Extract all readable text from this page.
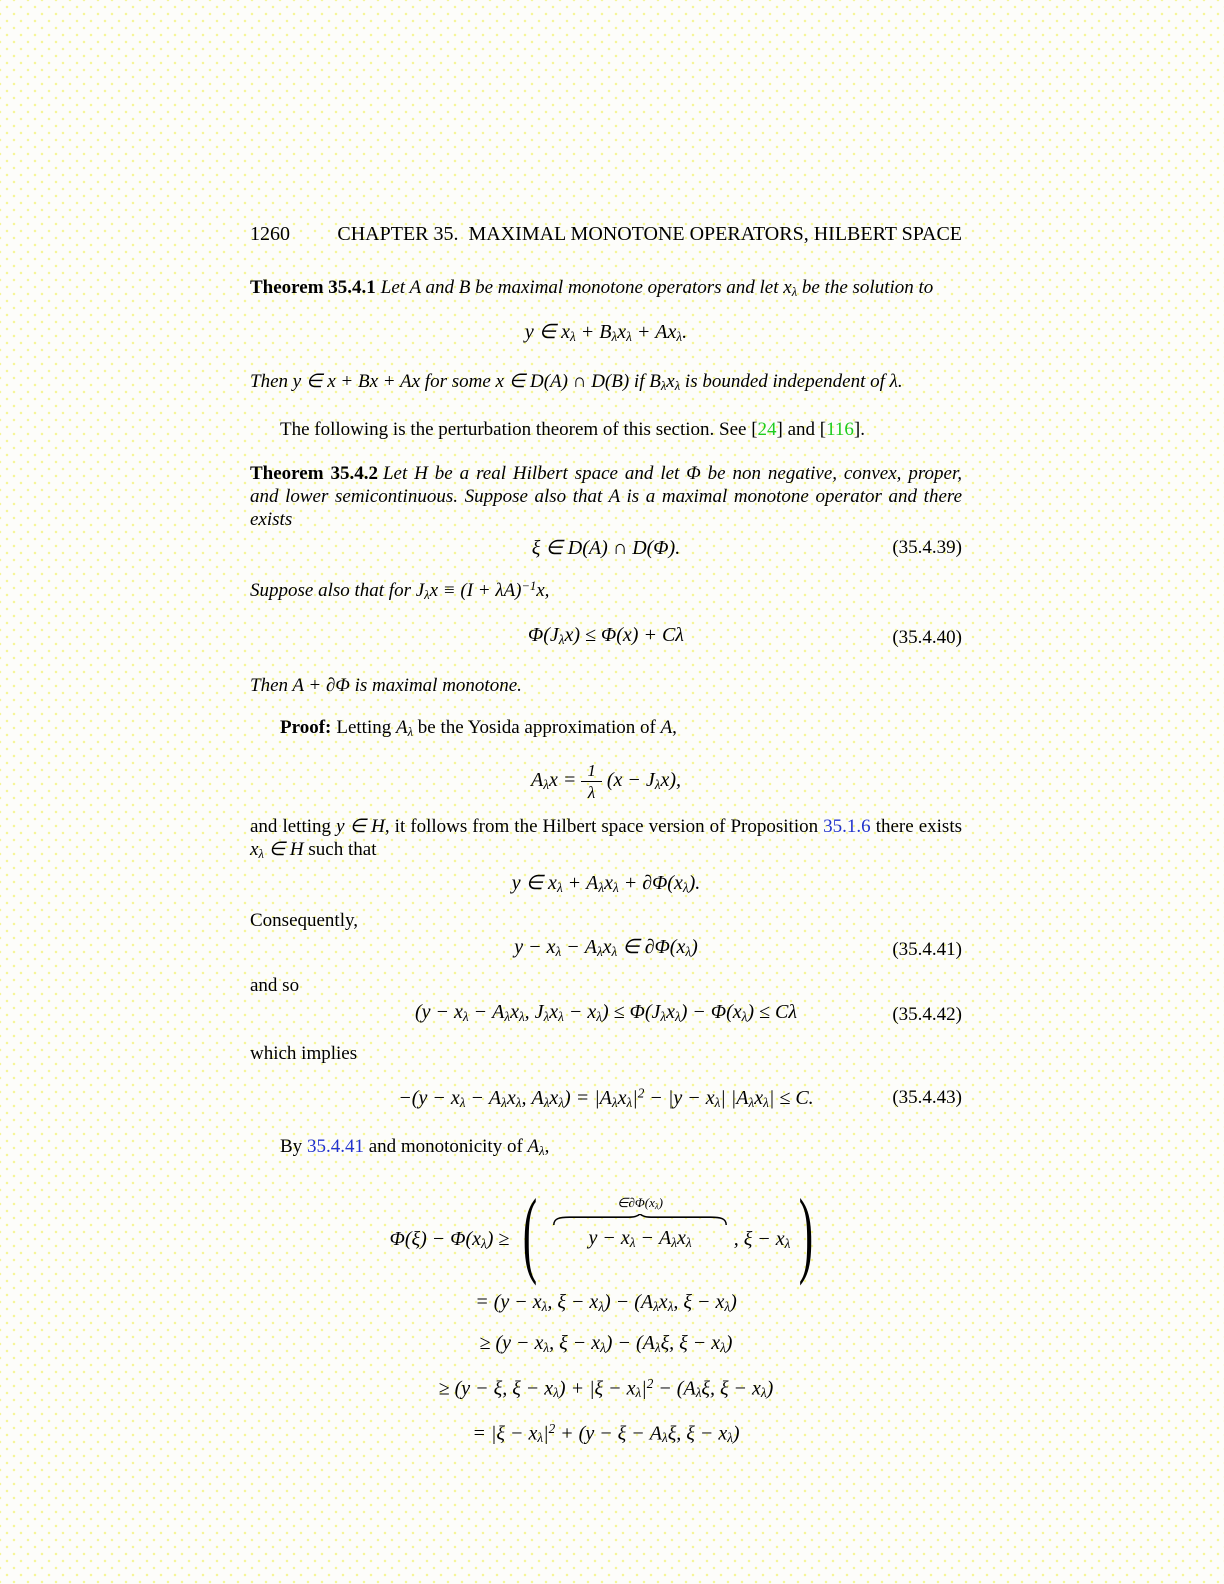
1260 CHAPTER 35.  MAXIMAL MONOTONE OPERATORS, HILBERT SPACE
Theorem 35.4.1 Let A and B be maximal monotone operators and let $x_\lambda$ be the solution to
y ∈ $x_\lambda + B_\lambda x_\lambda + Ax_\lambda$.
Then y ∈ x + Bx + Ax for some x ∈ D(A) ∩ D(B) if $B_\lambda x_\lambda$ is bounded independent of λ.
The following is the perturbation theorem of this section. See [24] and [116].
Theorem 35.4.2 Let H be a real Hilbert space and let Φ be non negative, convex, proper, and lower semicontinuous. Suppose also that A is a maximal monotone operator and there exists
ξ ∈ D(A) ∩ D(Φ).	(35.4.39)
Suppose also that for $J_\lambda x \equiv (I + \lambda A)^{-1}x$,
$\Phi(J_\lambda x) \le \Phi(x) + C\lambda$	(35.4.40)
Then A + ∂Φ is maximal monotone.
Proof: Letting $A_\lambda$ be the Yosida approximation of A,
$A_\lambda x = \frac{1}{\lambda} (x - J_\lambda x)$,
and letting y ∈ H, it follows from the Hilbert space version of Proposition 35.1.6 there exists $x_\lambda$ ∈ H such that
y ∈ $x_\lambda + A_\lambda x_\lambda + \partial\Phi(x_\lambda)$.
Consequently,
$y - x_\lambda - A_\lambda x_\lambda$ ∈ $\partial\Phi(x_\lambda)$	(35.4.41)
and so
($y - x_\lambda - A_\lambda x_\lambda$, $J_\lambda x_\lambda - x_\lambda) \le \Phi(J_\lambda x_\lambda) - \Phi(x_\lambda) \le C\lambda$	(35.4.42)
which implies
$-(y - x_\lambda - A_\lambda x_\lambda$, $A_\lambda x_\lambda) = |A_\lambda x_\lambda|^2 - |y - x_\lambda|$ $|A_\lambda x_\lambda| \le C$.	(35.4.43)
By 35.4.41 and monotonicity of $A_\lambda$,
$\Phi(\xi) - \Phi(x_\lambda)$ ≥ (	$\in\partial\Phi(x_\lambda)$
$y - x_\lambda - A_\lambda x_\lambda$ , $\xi - x_\lambda$ )
= ($y - x_\lambda$, $\xi - x_\lambda) - (A_\lambda x_\lambda$, $\xi - x_\lambda$)
≥ ($y - x_\lambda$, $\xi - x_\lambda) - (A_\lambda\xi$, $\xi - x_\lambda$)
≥ (y − ξ, $\xi - x_\lambda) + |\xi - x_\lambda|^2 - (A_\lambda\xi$, $\xi - x_\lambda$)
= $|\xi - x_\lambda|^2 + (y - \xi - A_\lambda\xi$, $\xi - x_\lambda$)
